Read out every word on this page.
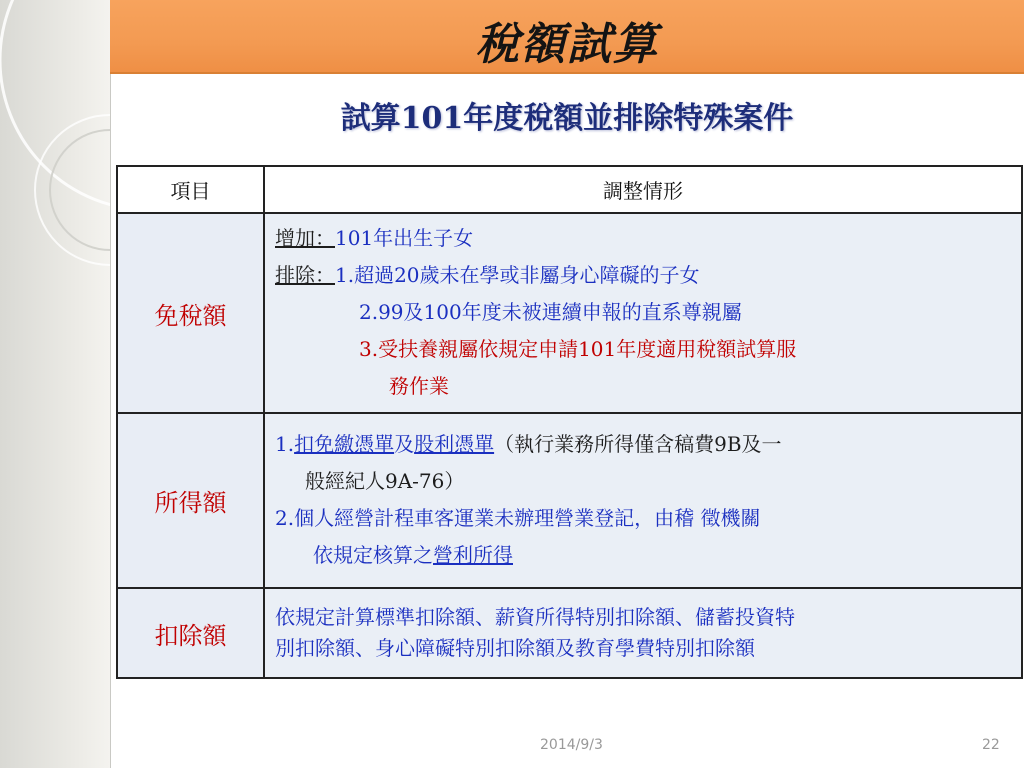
稅額試算
試算101年度稅額並排除特殊案件
項目	調整情形
免稅額	增加：101年出生子女
排除：1.超過20歲未在學或非屬身心障礙的子女
2.99及100年度未被連續申報的直系尊親屬
3.受扶養親屬依規定申請101年度適用稅額試算服
務作業

所得額	1.扣免繳憑單及股利憑單（執行業務所得僅含稿費9B及一
般經紀人9A-76）
2.個人經營計程車客運業未辦理營業登記，由稽 徵機關
依規定核算之營利所得

扣除額	依規定計算標準扣除額、薪資所得特別扣除額、儲蓄投資特
別扣除額、身心障礙特別扣除額及教育學費特別扣除額
2014/9/3	22
